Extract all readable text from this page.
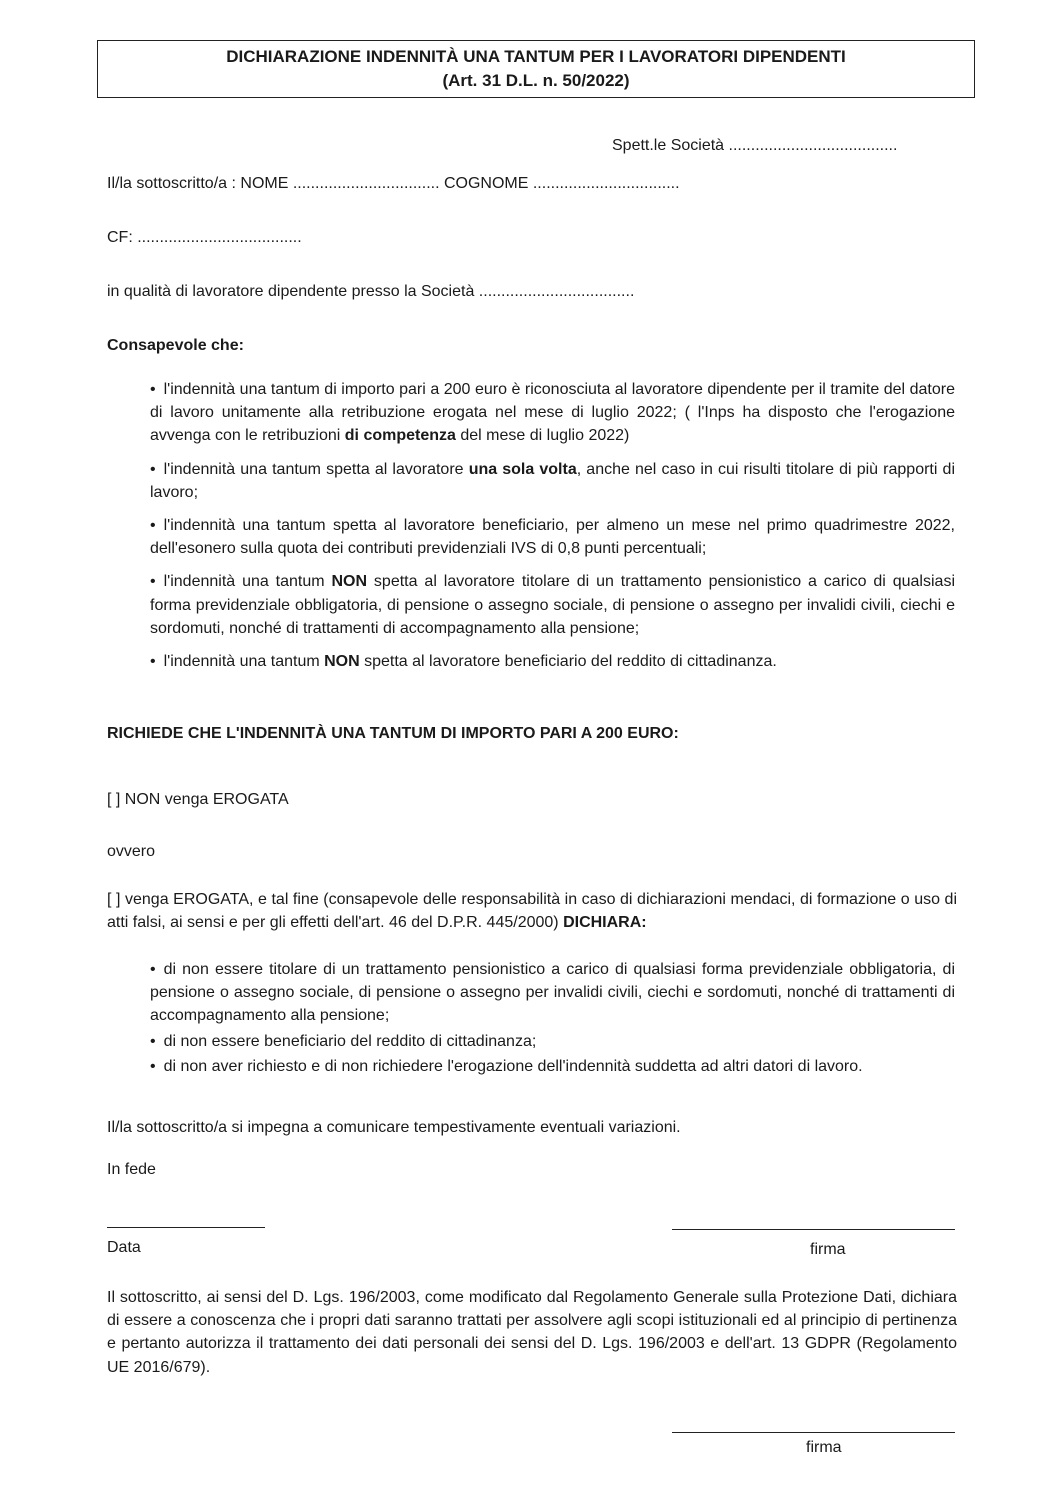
DICHIARAZIONE INDENNITÀ UNA TANTUM PER I LAVORATORI DIPENDENTI
(Art. 31 D.L. n. 50/2022)
Spett.le Società ......................................
Il/la sottoscritto/a : NOME ................................. COGNOME .................................
CF: .....................................
in qualità di lavoratore dipendente presso la Società ...................................
Consapevole che:
• l'indennità una tantum di importo pari a 200 euro è riconosciuta al lavoratore dipendente per il tramite del datore di lavoro unitamente alla retribuzione erogata nel mese di luglio 2022; ( l'Inps ha disposto che l'erogazione avvenga con le retribuzioni di competenza del mese di luglio 2022)
• l'indennità una tantum spetta al lavoratore una sola volta, anche nel caso in cui risulti titolare di più rapporti di lavoro;
• l'indennità una tantum spetta al lavoratore beneficiario, per almeno un mese nel primo quadrimestre 2022, dell'esonero sulla quota dei contributi previdenziali IVS di 0,8 punti percentuali;
• l'indennità una tantum NON spetta al lavoratore titolare di un trattamento pensionistico a carico di qualsiasi forma previdenziale obbligatoria, di pensione o assegno sociale, di pensione o assegno per invalidi civili, ciechi e sordomuti, nonché di trattamenti di accompagnamento alla pensione;
• l'indennità una tantum NON spetta al lavoratore beneficiario del reddito di cittadinanza.
RICHIEDE CHE L'INDENNITÀ UNA TANTUM DI IMPORTO PARI A 200 EURO:
[ ] NON venga EROGATA
ovvero
[ ] venga EROGATA, e tal fine (consapevole delle responsabilità in caso di dichiarazioni mendaci, di formazione o uso di atti falsi, ai sensi e per gli effetti dell'art. 46 del D.P.R. 445/2000) DICHIARA:
• di non essere titolare di un trattamento pensionistico a carico di qualsiasi forma previdenziale obbligatoria, di pensione o assegno sociale, di pensione o assegno per invalidi civili, ciechi e sordomuti, nonché di trattamenti di accompagnamento alla pensione;
• di non essere beneficiario del reddito di cittadinanza;
• di non aver richiesto e di non richiedere l'erogazione dell'indennità suddetta ad altri datori di lavoro.
Il/la sottoscritto/a si impegna a comunicare tempestivamente eventuali variazioni.
In fede
Data	firma
Il sottoscritto, ai sensi del D. Lgs. 196/2003, come modificato dal Regolamento Generale sulla Protezione Dati, dichiara di essere a conoscenza che i propri dati saranno trattati per assolvere agli scopi istituzionali ed al principio di pertinenza e pertanto autorizza il trattamento dei dati personali dei sensi del D. Lgs. 196/2003 e dell'art. 13 GDPR (Regolamento UE 2016/679).
firma
